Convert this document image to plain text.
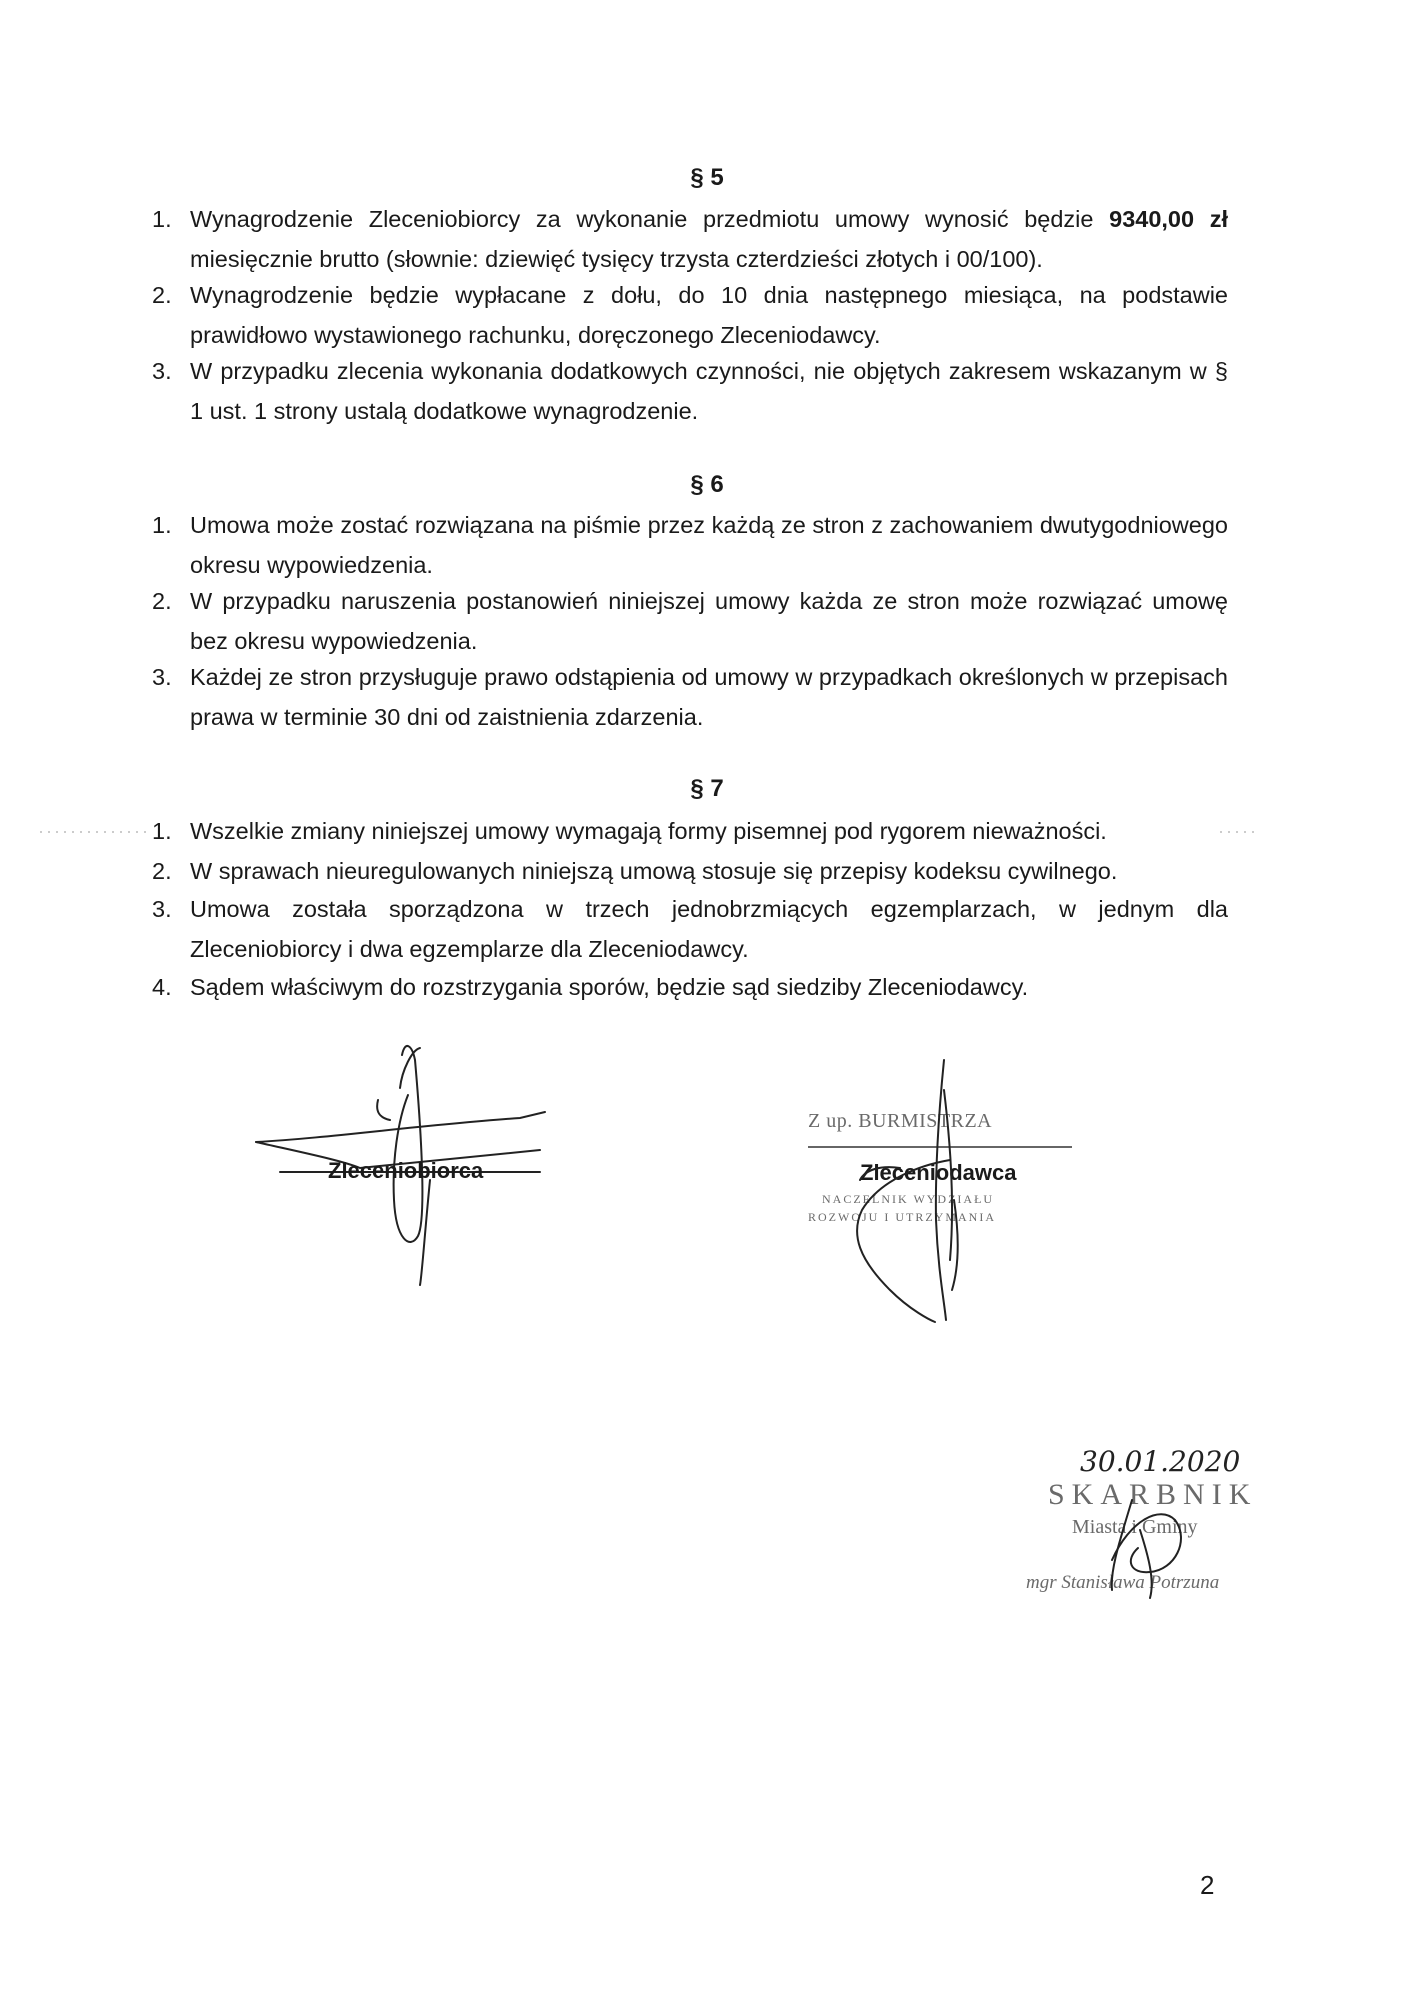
§ 5
1. Wynagrodzenie Zleceniobiorcy za wykonanie przedmiotu umowy wynosić będzie 9340,00 zł miesięcznie brutto (słownie: dziewięć tysięcy trzysta czterdzieści złotych i 00/100).
2. Wynagrodzenie będzie wypłacane z dołu, do 10 dnia następnego miesiąca, na podstawie prawidłowo wystawionego rachunku, doręczonego Zleceniodawcy.
3. W przypadku zlecenia wykonania dodatkowych czynności, nie objętych zakresem wskazanym w § 1 ust. 1 strony ustalą dodatkowe wynagrodzenie.
§ 6
1. Umowa może zostać rozwiązana na piśmie przez każdą ze stron z zachowaniem dwutygodniowego okresu wypowiedzenia.
2. W przypadku naruszenia postanowień niniejszej umowy każda ze stron może rozwiązać umowę bez okresu wypowiedzenia.
3. Każdej ze stron przysługuje prawo odstąpienia od umowy w przypadkach określonych w przepisach prawa w terminie 30 dni od zaistnienia zdarzenia.
§ 7
1. Wszelkie zmiany niniejszej umowy wymagają formy pisemnej pod rygorem nieważności.
2. W sprawach nieuregulowanych niniejszą umową stosuje się przepisy kodeksu cywilnego.
3. Umowa została sporządzona w trzech jednobrzmiących egzemplarzach, w jednym dla Zleceniobiorcy i dwa egzemplarze dla Zleceniodawcy.
4. Sądem właściwym do rozstrzygania sporów, będzie sąd siedziby Zleceniodawcy.
Zleceniobiorca
Z up. BURMISTRZA
Zleceniodawca
NACZELNIK WYDZIAŁU
ROZWOJU I UTRZYMANIA
30.01.2020
SKARBNIK
Miasta i Gminy
mgr Stanisława Potrzuna
2
